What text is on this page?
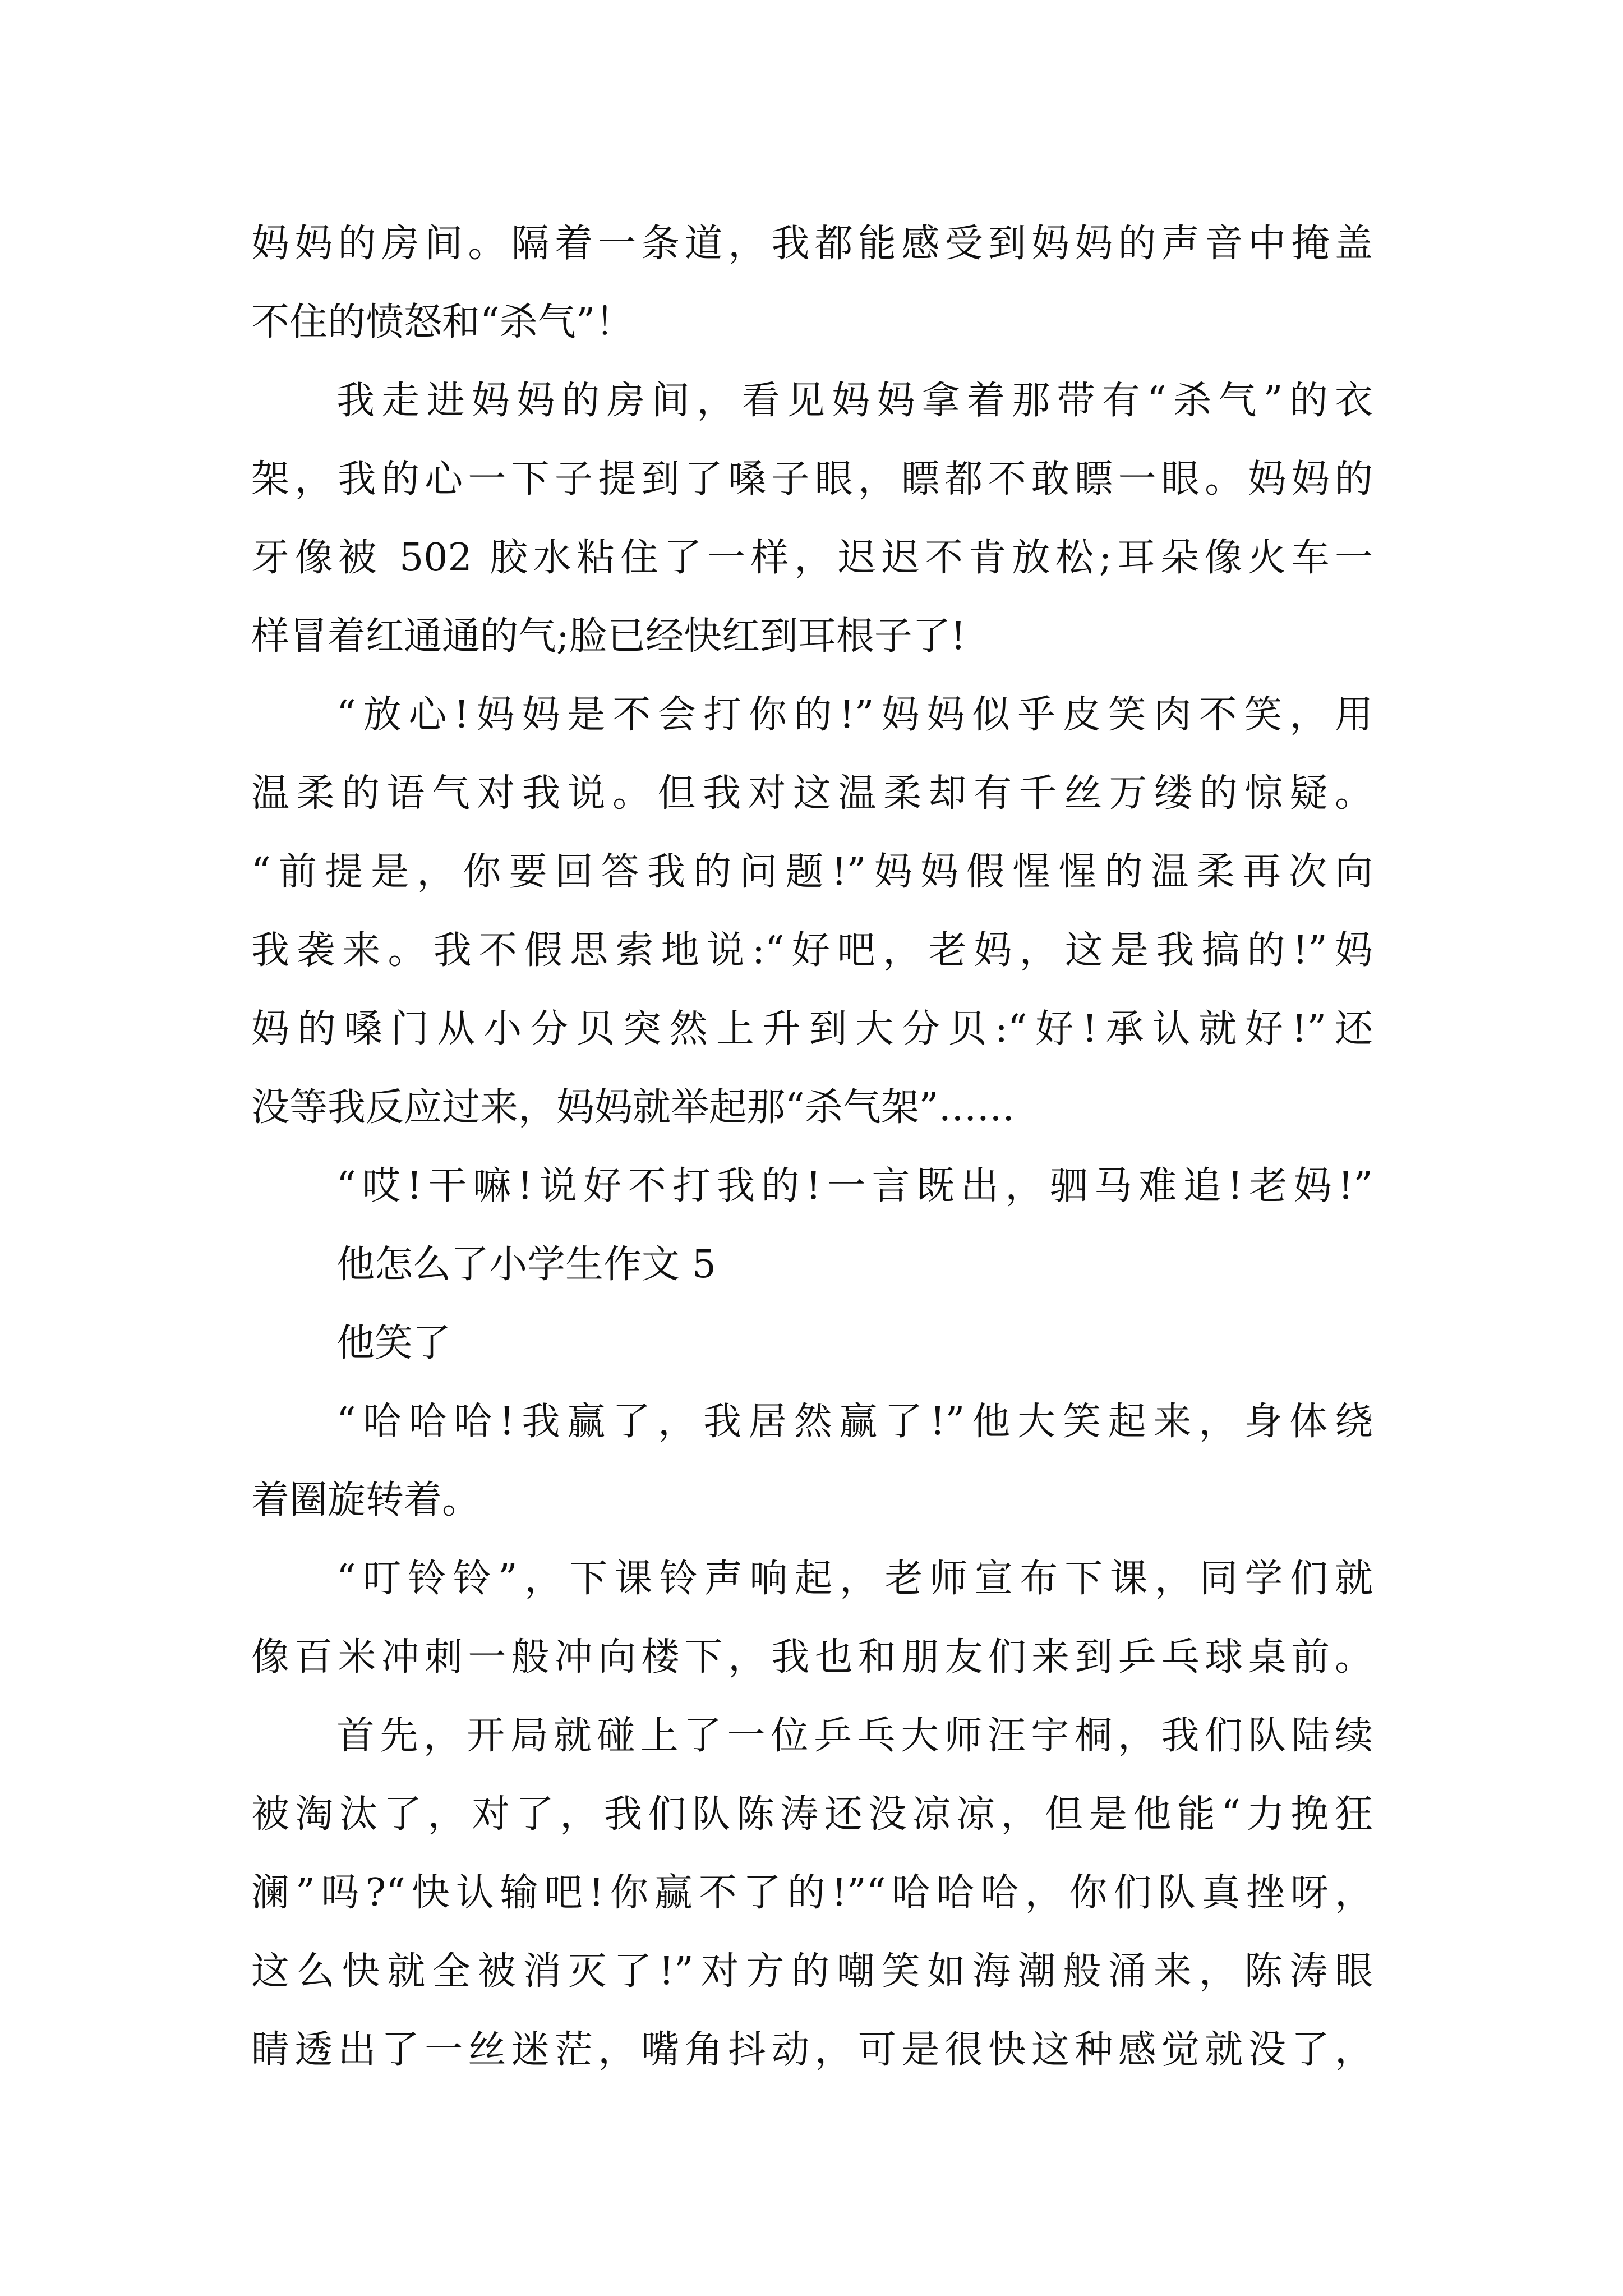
妈妈的房间。隔着一条道，我都能感受到妈妈的声音中掩盖
不住的愤怒和“杀气”！
我走进妈妈的房间，看见妈妈拿着那带有“杀气”的衣
架，我的心一下子提到了嗓子眼，瞟都不敢瞟一眼。妈妈的
牙像被 502 胶水粘住了一样，迟迟不肯放松;耳朵像火车一
样冒着红通通的气;脸已经快红到耳根子了!
“放心!妈妈是不会打你的!”妈妈似乎皮笑肉不笑，用
温柔的语气对我说。但我对这温柔却有千丝万缕的惊疑。
“前提是，你要回答我的问题!”妈妈假惺惺的温柔再次向
我袭来。我不假思索地说:“好吧，老妈，这是我搞的!”妈
妈的嗓门从小分贝突然上升到大分贝:“好!承认就好!”还
没等我反应过来，妈妈就举起那“杀气架”……
“哎!干嘛!说好不打我的!一言既出，驷马难追!老妈!”
他怎么了小学生作文 5
他笑了
“哈哈哈!我赢了，我居然赢了!”他大笑起来，身体绕
着圈旋转着。
“叮铃铃”，下课铃声响起，老师宣布下课，同学们就
像百米冲刺一般冲向楼下，我也和朋友们来到乒乓球桌前。
首先，开局就碰上了一位乒乓大师汪宇桐，我们队陆续
被淘汰了，对了，我们队陈涛还没凉凉，但是他能“力挽狂
澜”吗?“快认输吧!你赢不了的!”“哈哈哈，你们队真挫呀，
这么快就全被消灭了!”对方的嘲笑如海潮般涌来，陈涛眼
睛透出了一丝迷茫，嘴角抖动，可是很快这种感觉就没了，
